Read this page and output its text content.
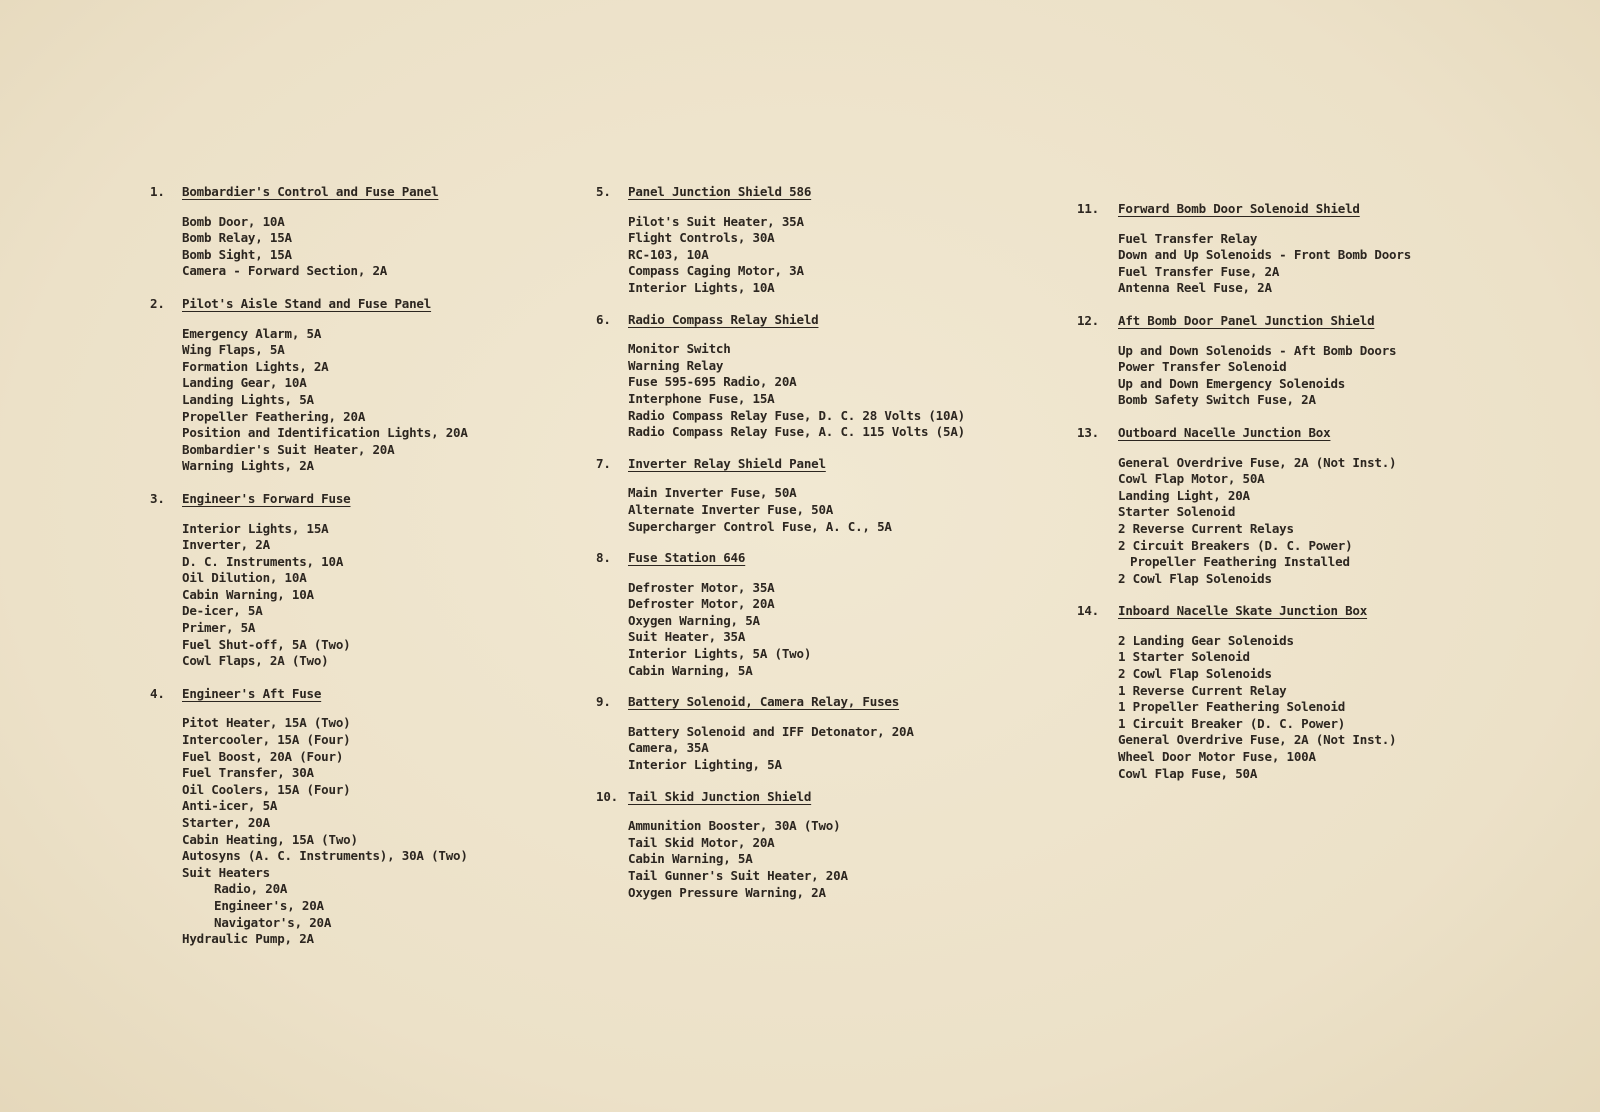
1.	Bombardier's Control and Fuse Panel
Bomb Door, 10A
Bomb Relay, 15A
Bomb Sight, 15A
Camera - Forward Section, 2A
2.	Pilot's Aisle Stand and Fuse Panel
Emergency Alarm, 5A
Wing Flaps, 5A
Formation Lights, 2A
Landing Gear, 10A
Landing Lights, 5A
Propeller Feathering, 20A
Position and Identification Lights, 20A
Bombardier's Suit Heater, 20A
Warning Lights, 2A
3.	Engineer's Forward Fuse
Interior Lights, 15A
Inverter, 2A
D. C. Instruments, 10A
Oil Dilution, 10A
Cabin Warning, 10A
De-icer, 5A
Primer, 5A
Fuel Shut-off, 5A (Two)
Cowl Flaps, 2A (Two)
4.	Engineer's Aft Fuse
Pitot Heater, 15A (Two)
Intercooler, 15A (Four)
Fuel Boost, 20A (Four)
Fuel Transfer, 30A
Oil Coolers, 15A (Four)
Anti-icer, 5A
Starter, 20A
Cabin Heating, 15A (Two)
Autosyns (A. C. Instruments), 30A (Two)
Suit Heaters
Radio, 20A
Engineer's, 20A
Navigator's, 20A
Hydraulic Pump, 2A
5.	Panel Junction Shield 586
Pilot's Suit Heater, 35A
Flight Controls, 30A
RC-103, 10A
Compass Caging Motor, 3A
Interior Lights, 10A
6.	Radio Compass Relay Shield
Monitor Switch
Warning Relay
Fuse 595-695 Radio, 20A
Interphone Fuse, 15A
Radio Compass Relay Fuse, D. C. 28 Volts (10A)
Radio Compass Relay Fuse, A. C. 115 Volts (5A)
7.	Inverter Relay Shield Panel
Main Inverter Fuse, 50A
Alternate Inverter Fuse, 50A
Supercharger Control Fuse, A. C., 5A
8.	Fuse Station 646
Defroster Motor, 35A
Defroster Motor, 20A
Oxygen Warning, 5A
Suit Heater, 35A
Interior Lights, 5A (Two)
Cabin Warning, 5A
9.	Battery Solenoid, Camera Relay, Fuses
Battery Solenoid and IFF Detonator, 20A
Camera, 35A
Interior Lighting, 5A
10. Tail Skid Junction Shield
Ammunition Booster, 30A (Two)
Tail Skid Motor, 20A
Cabin Warning, 5A
Tail Gunner's Suit Heater, 20A
Oxygen Pressure Warning, 2A
11.	Forward Bomb Door Solenoid Shield
Fuel Transfer Relay
Down and Up Solenoids - Front Bomb Doors
Fuel Transfer Fuse, 2A
Antenna Reel Fuse, 2A
12.	Aft Bomb Door Panel Junction Shield
Up and Down Solenoids - Aft Bomb Doors
Power Transfer Solenoid
Up and Down Emergency Solenoids
Bomb Safety Switch Fuse, 2A
13.	Outboard Nacelle Junction Box
General Overdrive Fuse, 2A (Not Inst.)
Cowl Flap Motor, 50A
Landing Light, 20A
Starter Solenoid
2 Reverse Current Relays
2 Circuit Breakers (D. C. Power)
Propeller Feathering Installed
2 Cowl Flap Solenoids
14.	Inboard Nacelle Skate Junction Box
2 Landing Gear Solenoids
1 Starter Solenoid
2 Cowl Flap Solenoids
1 Reverse Current Relay
1 Propeller Feathering Solenoid
1 Circuit Breaker (D. C. Power)
General Overdrive Fuse, 2A (Not Inst.)
Wheel Door Motor Fuse, 100A
Cowl Flap Fuse, 50A
